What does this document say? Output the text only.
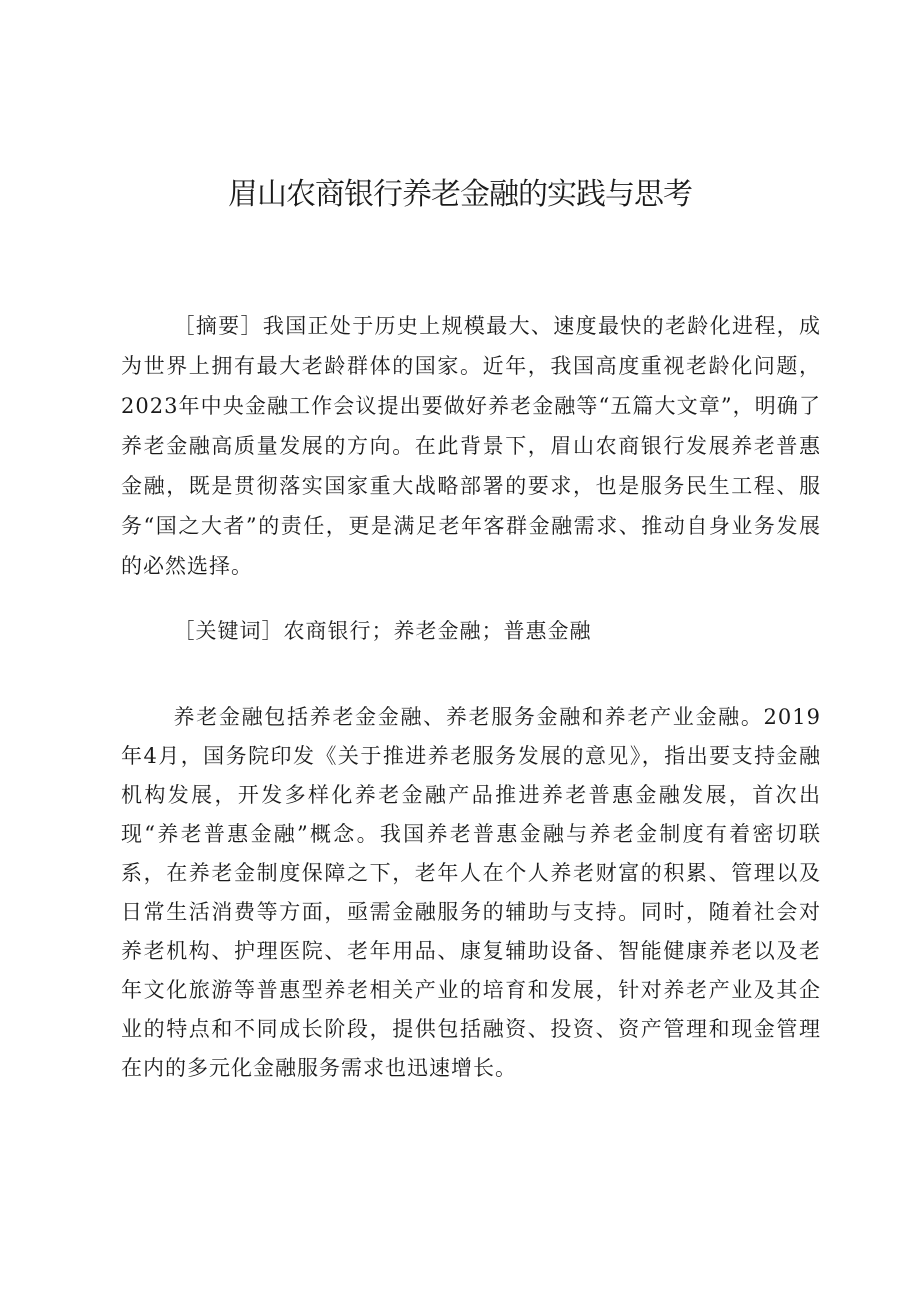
眉山农商银行养老金融的实践与思考

［摘要］我国正处于历史上规模最大、速度最快的老龄化进程，成为世界上拥有最大老龄群体的国家。近年，我国高度重视老龄化问题，2023年中央金融工作会议提出要做好养老金融等“五篇大文章”，明确了养老金融高质量发展的方向。在此背景下，眉山农商银行发展养老普惠金融，既是贯彻落实国家重大战略部署的要求，也是服务民生工程、服务“国之大者”的责任，更是满足老年客群金融需求、推动自身业务发展的必然选择。

［关键词］农商银行；养老金融；普惠金融

养老金融包括养老金金融、养老服务金融和养老产业金融。2019年4月，国务院印发《关于推进养老服务发展的意见》，指出要支持金融机构发展，开发多样化养老金融产品推进养老普惠金融发展，首次出现“养老普惠金融”概念。我国养老普惠金融与养老金制度有着密切联系，在养老金制度保障之下，老年人在个人养老财富的积累、管理以及日常生活消费等方面，亟需金融服务的辅助与支持。同时，随着社会对养老机构、护理医院、老年用品、康复辅助设备、智能健康养老以及老年文化旅游等普惠型养老相关产业的培育和发展，针对养老产业及其企业的特点和不同成长阶段，提供包括融资、投资、资产管理和现金管理在内的多元化金融服务需求也迅速增长。
